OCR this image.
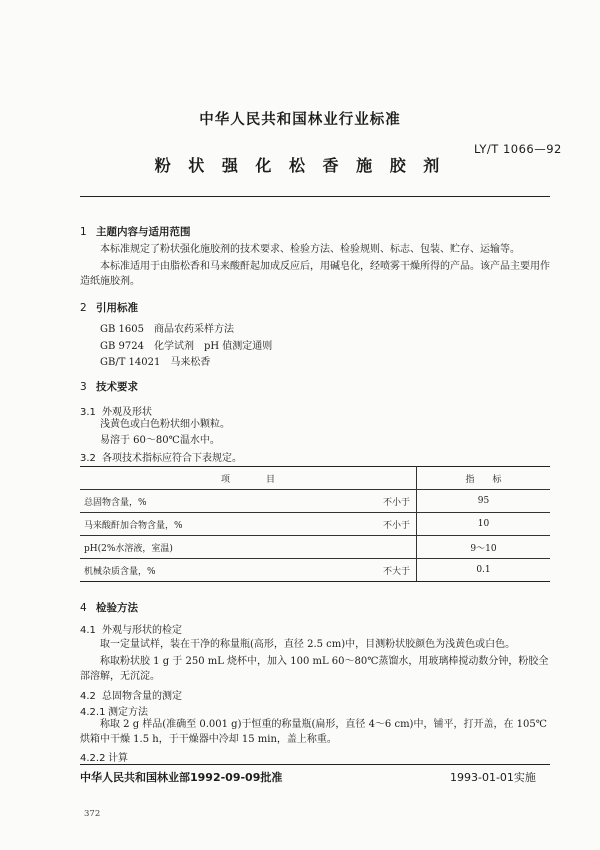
中华人民共和国林业行业标准
LY/T 1066—92
粉 状 强 化 松 香 施 胶 剂
1 主题内容与适用范围
本标准规定了粉状强化施胶剂的技术要求、检验方法、检验规则、标志、包装、贮存、运输等。
本标准适用于由脂松香和马来酸酐起加成反应后，用碱皂化，经喷雾干燥所得的产品。该产品主要用作造纸施胶剂。
2 引用标准
GB 1605　商品农药采样方法
GB 9724　化学试剂　pH 值测定通则
GB/T 14021　马来松香
3 技术要求
3.1 外观及形状
浅黄色或白色粉状细小颗粒。
易溶于 60～80℃温水中。
3.2 各项技术指标应符合下表规定。
项　　　　目		指　　标
总固物含量，%	不小于	95
马来酸酐加合物含量，%	不小于	10
pH(2%水溶液，室温)		9～10
机械杂质含量，%	不大于	0.1
4 检验方法
4.1 外观与形状的检定
取一定量试样，装在干净的称量瓶(高形，直径 2.5 cm)中，目测粉状胶颜色为浅黄色或白色。
称取粉状胶 1 g 于 250 mL 烧杯中，加入 100 mL 60～80℃蒸馏水，用玻璃棒搅动数分钟，粉胶全部溶解，无沉淀。
4.2 总固物含量的测定
4.2.1 测定方法
称取 2 g 样品(准确至 0.001 g)于恒重的称量瓶(扁形，直径 4～6 cm)中，铺平，打开盖，在 105℃烘箱中干燥 1.5 h，于干燥器中冷却 15 min，盖上称重。
4.2.2 计算
中华人民共和国林业部1992-09-09批准	1993-01-01实施
372
